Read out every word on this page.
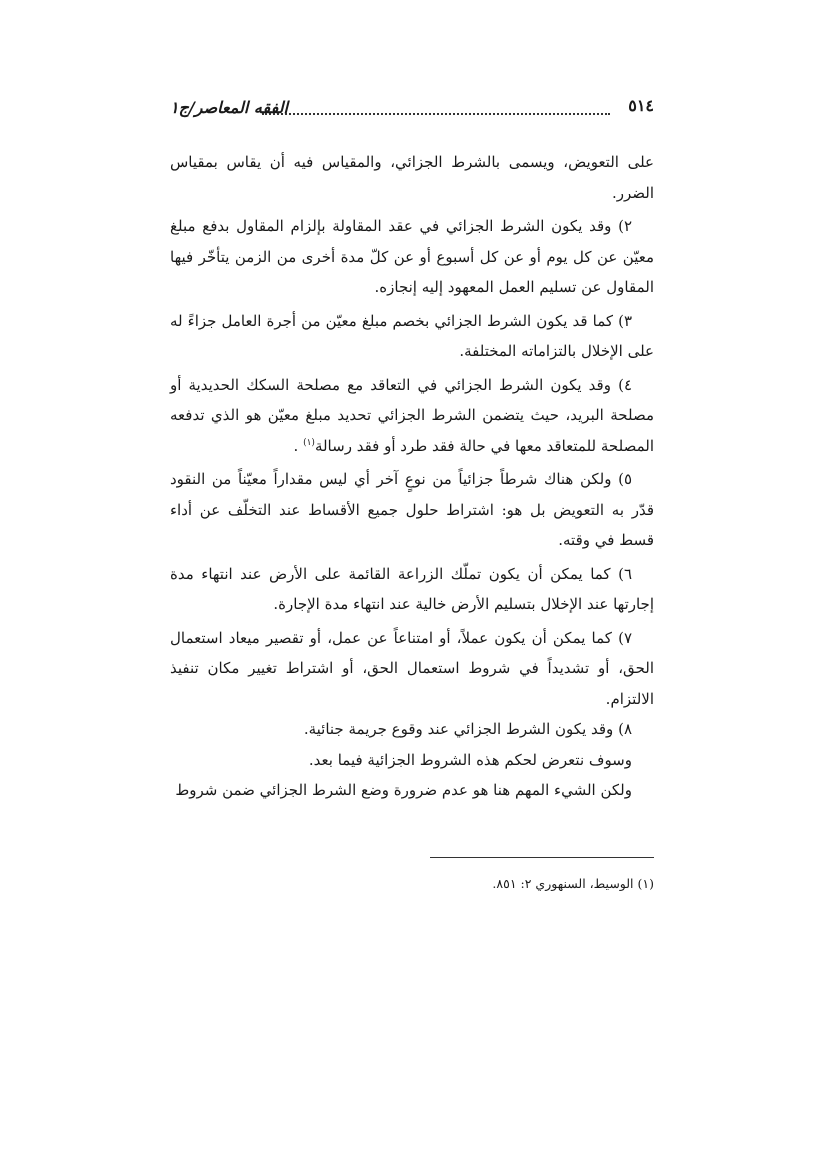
٥١٤
الفقه المعاصر/ج١

على التعويض، ويسمى بالشرط الجزائي، والمقياس فيه أن يقاس بمقياس الضرر.

٢) وقد يكون الشرط الجزائي في عقد المقاولة بإلزام المقاول بدفع مبلغ معيّن عن كل يوم أو عن كل أسبوع أو عن كلّ مدة أخرى من الزمن يتأخّر فيها المقاول عن تسليم العمل المعهود إليه إنجازه.

٣) كما قد يكون الشرط الجزائي بخصم مبلغ معيّن من أجرة العامل جزاءً له على الإخلال بالتزاماته المختلفة.

٤) وقد يكون الشرط الجزائي في التعاقد مع مصلحة السكك الحديدية أو مصلحة البريد، حيث يتضمن الشرط الجزائي تحديد مبلغ معيّن هو الذي تدفعه المصلحة للمتعاقد معها في حالة فقد طرد أو فقد رسالة$^{(١)}$ .

٥) ولكن هناك شرطاً جزائياً من نوعٍ آخر أي ليس مقداراً معيّناً من النقود قدّر به التعويض بل هو: اشتراط حلول جميع الأقساط عند التخلّف عن أداء قسط في وقته.

٦) كما يمكن أن يكون تملّك الزراعة القائمة على الأرض عند انتهاء مدة إجارتها عند الإخلال بتسليم الأرض خالية عند انتهاء مدة الإجارة.

٧) كما يمكن أن يكون عملاً، أو امتناعاً عن عمل، أو تقصير ميعاد استعمال الحق، أو تشديداً في شروط استعمال الحق، أو اشتراط تغيير مكان تنفيذ الالتزام.

٨) وقد يكون الشرط الجزائي عند وقوع جريمة جنائية.

وسوف نتعرض لحكم هذه الشروط الجزائية فيما بعد.

ولكن الشيء المهم هنا هو عدم ضرورة وضع الشرط الجزائي ضمن شروط

(١) الوسيط، السنهوري ٢: ٨٥١.
